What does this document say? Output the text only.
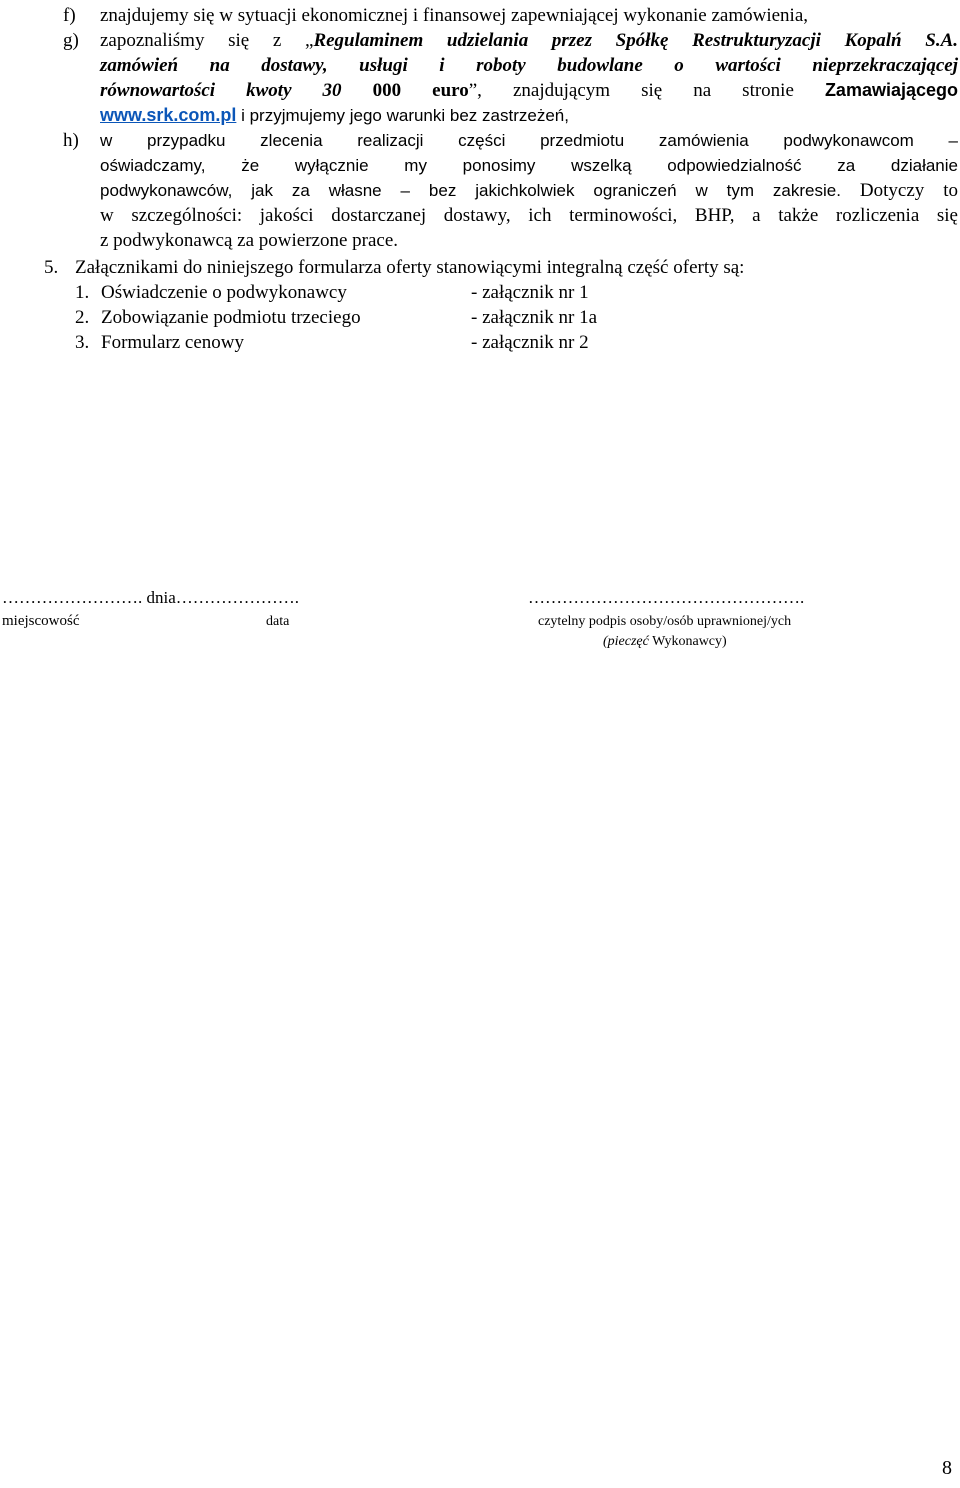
f) znajdujemy się w sytuacji ekonomicznej i finansowej zapewniającej wykonanie zamówienia,
g) zapoznaliśmy się z „Regulaminem udzielania przez Spółkę Restrukturyzacji Kopalń S.A.
zamówień na dostawy, usługi i roboty budowlane o wartości nieprzekraczającej
równowartości kwoty 30 000 euro”, znajdującym się na stronie Zamawiającego
www.srk.com.pl i przyjmujemy jego warunki bez zastrzeżeń,
h) w przypadku zlecenia realizacji części przedmiotu zamówienia podwykonawcom –
oświadczamy, że wyłącznie my ponosimy wszelką odpowiedzialność za działanie
podwykonawców, jak za własne – bez jakichkolwiek ograniczeń w tym zakresie. Dotyczy to
w szczególności: jakości dostarczanej dostawy, ich terminowości, BHP, a także rozliczenia się
z podwykonawcą za powierzone prace.
5. Załącznikami do niniejszego formularza oferty stanowiącymi integralną część oferty są:
1. Oświadczenie o podwykonawcy	- załącznik nr 1
2. Zobowiązanie podmiotu trzeciego	- załącznik nr 1a
3. Formularz cenowy	- załącznik nr 2
……………………. dnia………………….	………………………………………….
miejscowość	data	czytelny podpis osoby/osób uprawnionej/ych
(pieczęć Wykonawcy)
8
